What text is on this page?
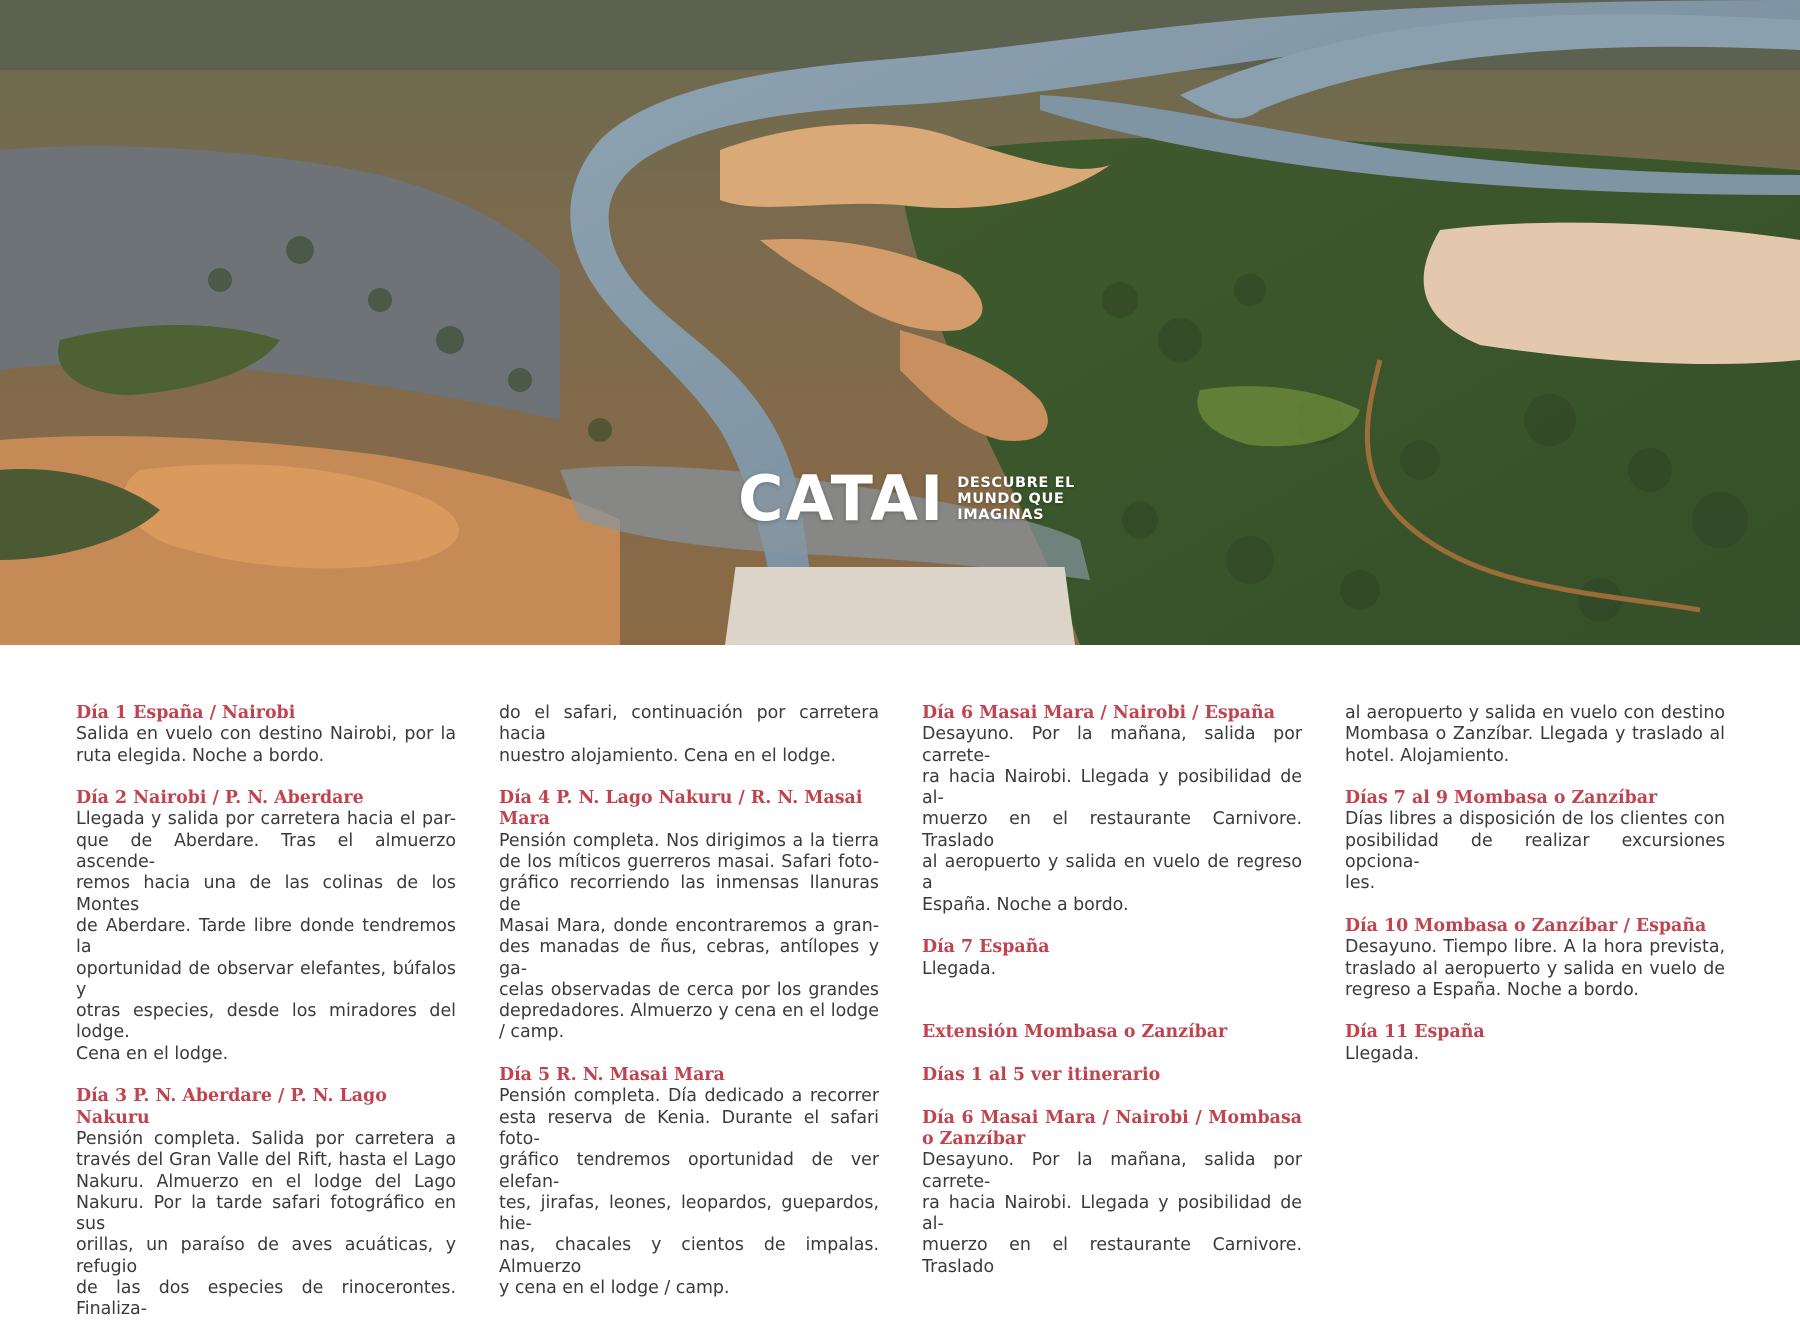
CATAI DESCUBRE EL
MUNDO QUE
IMAGINAS
Día 1 España / Nairobi

Salida en vuelo con destino Nairobi, por la

ruta elegida. Noche a bordo.

Día 2 Nairobi / P. N. Aberdare

Llegada y salida por carretera hacia el par-

que de Aberdare. Tras el almuerzo ascende-

remos hacia una de las colinas de los Montes

de Aberdare. Tarde libre donde tendremos la

oportunidad de observar elefantes, búfalos y

otras especies, desde los miradores del lodge.

Cena en el lodge.

Día 3 P. N. Aberdare / P. N. Lago Nakuru

Pensión completa. Salida por carretera a

través del Gran Valle del Rift, hasta el Lago

Nakuru. Almuerzo en el lodge del Lago

Nakuru. Por la tarde safari fotográfico en sus

orillas, un paraíso de aves acuáticas, y refugio

de las dos especies de rinocerontes. Finaliza-

do el safari, continuación por carretera hacia

nuestro alojamiento. Cena en el lodge.

Día 4 P. N. Lago Nakuru / R. N. Masai Mara

Pensión completa. Nos dirigimos a la tierra

de los míticos guerreros masai. Safari foto-

gráfico recorriendo las inmensas llanuras de

Masai Mara, donde encontraremos a gran-

des manadas de ñus, cebras, antílopes y ga-

celas observadas de cerca por los grandes

depredadores. Almuerzo y cena en el lodge

/ camp.

Día 5 R. N. Masai Mara

Pensión completa. Día dedicado a recorrer

esta reserva de Kenia. Durante el safari foto-

gráfico tendremos oportunidad de ver elefan-

tes, jirafas, leones, leopardos, guepardos, hie-

nas, chacales y cientos de impalas. Almuerzo

y cena en el lodge / camp.

Día 6 Masai Mara / Nairobi / España

Desayuno. Por la mañana, salida por carrete-

ra hacia Nairobi. Llegada y posibilidad de al-

muerzo en el restaurante Carnivore. Traslado

al aeropuerto y salida en vuelo de regreso a

España. Noche a bordo.

Día 7 España

Llegada.

Extensión Mombasa o Zanzíbar
Días 1 al 5 ver itinerario
Día 6 Masai Mara / Nairobi / Mombasa o Zanzíbar

Desayuno. Por la mañana, salida por carrete-

ra hacia Nairobi. Llegada y posibilidad de al-

muerzo en el restaurante Carnivore. Traslado

al aeropuerto y salida en vuelo con destino

Mombasa o Zanzíbar. Llegada y traslado al

hotel. Alojamiento.

Días 7 al 9 Mombasa o Zanzíbar

Días libres a disposición de los clientes con

posibilidad de realizar excursiones opciona-

les.

Día 10 Mombasa o Zanzíbar / España

Desayuno. Tiempo libre. A la hora prevista,

traslado al aeropuerto y salida en vuelo de

regreso a España. Noche a bordo.

Día 11 España

Llegada.
